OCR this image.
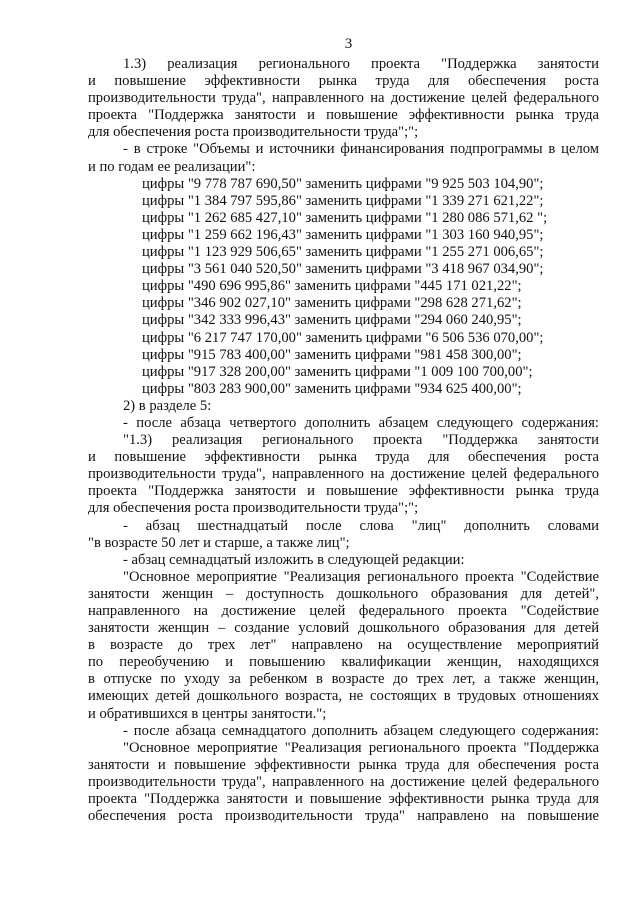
3
1.3) реализация регионального проекта "Поддержка занятости
и повышение эффективности рынка труда для обеспечения роста
производительности труда", направленного на достижение целей федерального
проекта "Поддержка занятости и повышение эффективности рынка труда
для обеспечения роста производительности труда";";
- в строке "Объемы и источники финансирования подпрограммы в целом
и по годам ее реализации":
цифры "9 778 787 690,50" заменить цифрами "9 925 503 104,90";
цифры "1 384 797 595,86" заменить цифрами "1 339 271 621,22";
цифры "1 262 685 427,10" заменить цифрами "1 280 086 571,62 ";
цифры "1 259 662 196,43" заменить цифрами "1 303 160 940,95";
цифры "1 123 929 506,65" заменить цифрами "1 255 271 006,65";
цифры "3 561 040 520,50" заменить цифрами "3 418 967 034,90";
цифры "490 696 995,86" заменить цифрами "445 171 021,22";
цифры "346 902 027,10" заменить цифрами "298 628 271,62";
цифры "342 333 996,43" заменить цифрами "294 060 240,95";
цифры "6 217 747 170,00" заменить цифрами "6 506 536 070,00";
цифры "915 783 400,00" заменить цифрами "981 458 300,00";
цифры "917 328 200,00" заменить цифрами "1 009 100 700,00";
цифры "803 283 900,00" заменить цифрами "934 625 400,00";
2) в разделе 5:
- после абзаца четвертого дополнить абзацем следующего содержания:
"1.3) реализация регионального проекта "Поддержка занятости
и повышение эффективности рынка труда для обеспечения роста
производительности труда", направленного на достижение целей федерального
проекта "Поддержка занятости и повышение эффективности рынка труда
для обеспечения роста производительности труда";";
- абзац шестнадцатый после слова "лиц" дополнить словами
"в возрасте 50 лет и старше, а также лиц";
- абзац семнадцатый изложить в следующей редакции:
"Основное мероприятие "Реализация регионального проекта "Содействие
занятости женщин – доступность дошкольного образования для детей",
направленного на достижение целей федерального проекта "Содействие
занятости женщин – создание условий дошкольного образования для детей
в возрасте до трех лет" направлено на осуществление мероприятий
по переобучению и повышению квалификации женщин, находящихся
в отпуске по уходу за ребенком в возрасте до трех лет, а также женщин,
имеющих детей дошкольного возраста, не состоящих в трудовых отношениях
и обратившихся в центры занятости.";
- после абзаца семнадцатого дополнить абзацем следующего содержания:
"Основное мероприятие "Реализация регионального проекта "Поддержка
занятости и повышение эффективности рынка труда для обеспечения роста
производительности труда", направленного на достижение целей федерального
проекта "Поддержка занятости и повышение эффективности рынка труда для
обеспечения роста производительности труда" направлено на повышение
